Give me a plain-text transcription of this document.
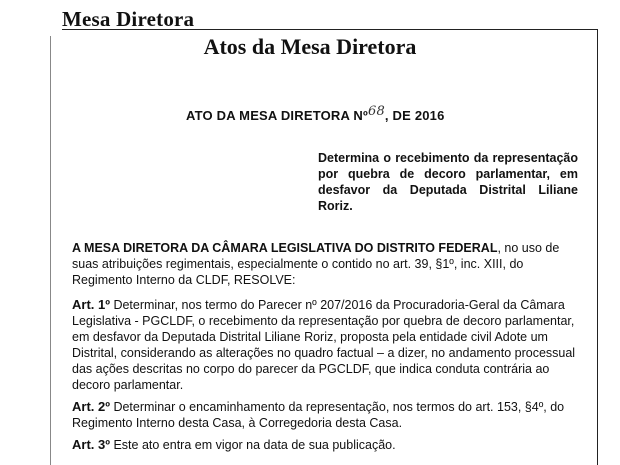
Mesa Diretora
Atos da Mesa Diretora
ATO DA MESA DIRETORA Nº68, DE 2016
Determina o recebimento da representação por quebra de decoro parlamentar, em desfavor da Deputada Distrital Liliane Roriz.
A MESA DIRETORA DA CÂMARA LEGISLATIVA DO DISTRITO FEDERAL, no uso de suas atribuições regimentais, especialmente o contido no art. 39, §1º, inc. XIII, do Regimento Interno da CLDF, RESOLVE:
Art. 1º Determinar, nos termo do Parecer nº 207/2016 da Procuradoria-Geral da Câmara Legislativa - PGCLDF, o recebimento da representação por quebra de decoro parlamentar, em desfavor da Deputada Distrital Liliane Roriz, proposta pela entidade civil Adote um Distrital, considerando as alterações no quadro factual – a dizer, no andamento processual das ações descritas no corpo do parecer da PGCLDF, que indica conduta contrária ao decoro parlamentar.
Art. 2º Determinar o encaminhamento da representação, nos termos do art. 153, §4º, do Regimento Interno desta Casa, à Corregedoria desta Casa.
Art. 3º Este ato entra em vigor na data de sua publicação.
